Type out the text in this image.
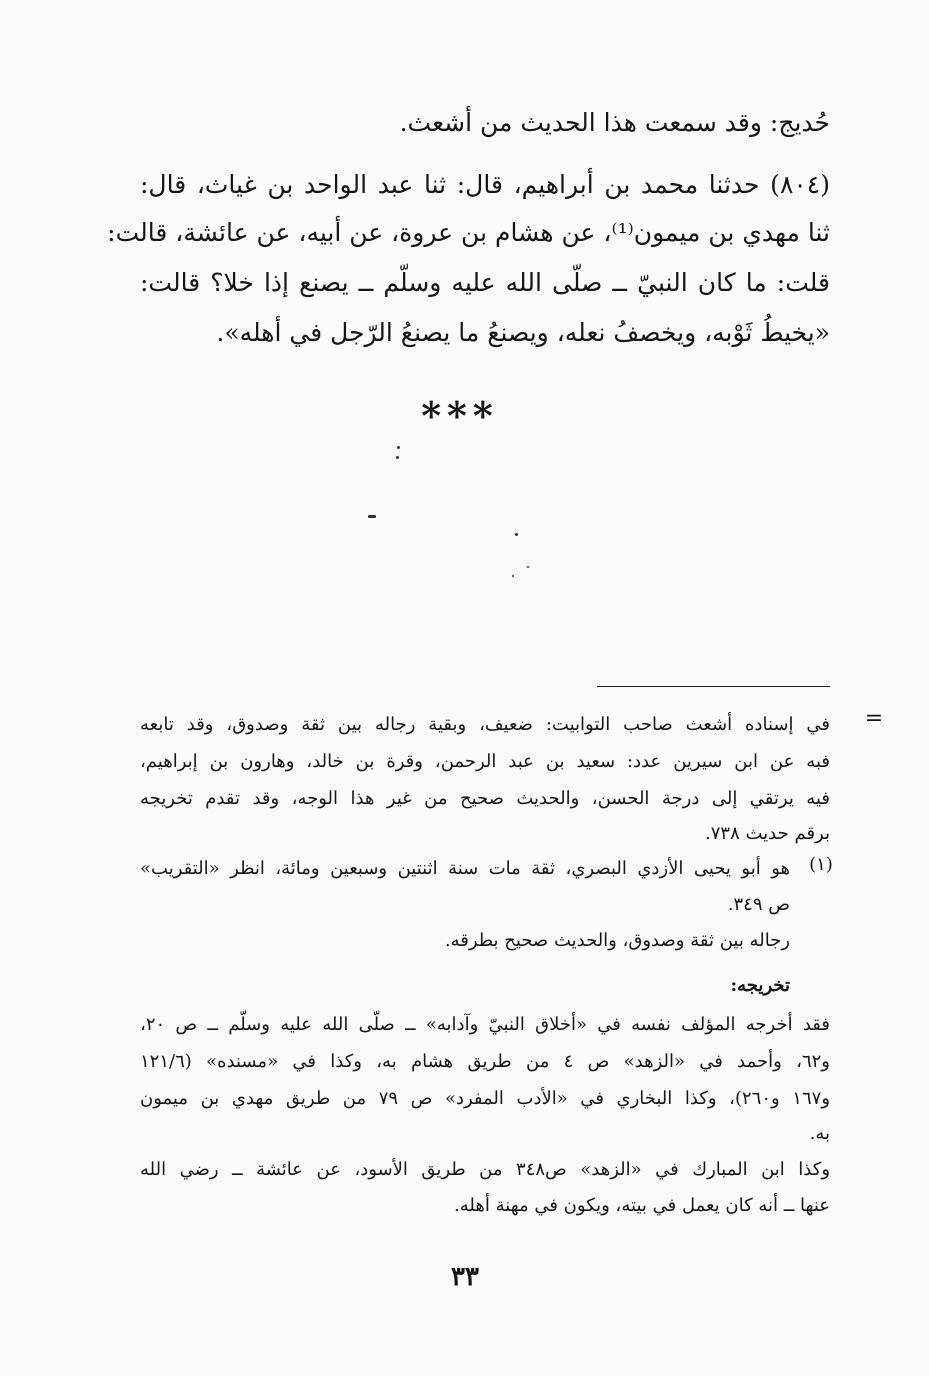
حُديج: وقد سمعت هذا الحديث من أشعث.
(٨٠٤) حدثنا محمد بن أبراهيم، قال: ثنا عبد الواحد بن غياث، قال:
ثنا مهدي بن ميمون⁽¹⁾، عن هشام بن عروة، عن أبيه، عن عائشة، قالت:
قلت: ما كان النبيّ ــ صلّى الله عليه وسلّم ــ يصنع إذا خلا؟ قالت:
«يخيطُ ثَوْبه، ويخصفُ نعله، ويصنعُ ما يصنعُ الرّجل في أهله».
***
=
في إسناده أشعث صاحب التوابيت: ضعيف، وبقية رجاله بين ثقة وصدوق، وقد تابعه
فبه عن ابن سيرين عدد: سعيد بن عبد الرحمن، وقرة بن خالد، وهارون بن إبراهيم،
فيه يرتقي إلى درجة الحسن، والحديث صحيح من غير هذا الوجه، وقد تقدم تخريجه
برقم حديث ٧٣٨.
(١)
هو أبو يحيى الأزدي البصري، ثقة مات سنة اثنتين وسبعين ومائة، انظر «التقريب»
ص ٣٤٩.
رجاله بين ثقة وصدوق، والحديث صحيح بطرقه.
تخريجه:
فقد أخرجه المؤلف نفسه في «أخلاق النبيّ وآدابه» ــ صلّى الله عليه وسلّم ــ ص ٢٠،
و٦٢، وأحمد في «الزهد» ص ٤ من طريق هشام به، وكذا في «مسنده» (١٢١/٦
و١٦٧ و٢٦٠)، وكذا البخاري في «الأدب المفرد» ص ٧٩ من طريق مهدي بن ميمون
به.
وكذا ابن المبارك في «الزهد» ص٣٤٨ من طريق الأسود، عن عائشة ــ رضي الله
عنها ــ أنه كان يعمل في بيته، ويكون في مهنة أهله.
٣٣
